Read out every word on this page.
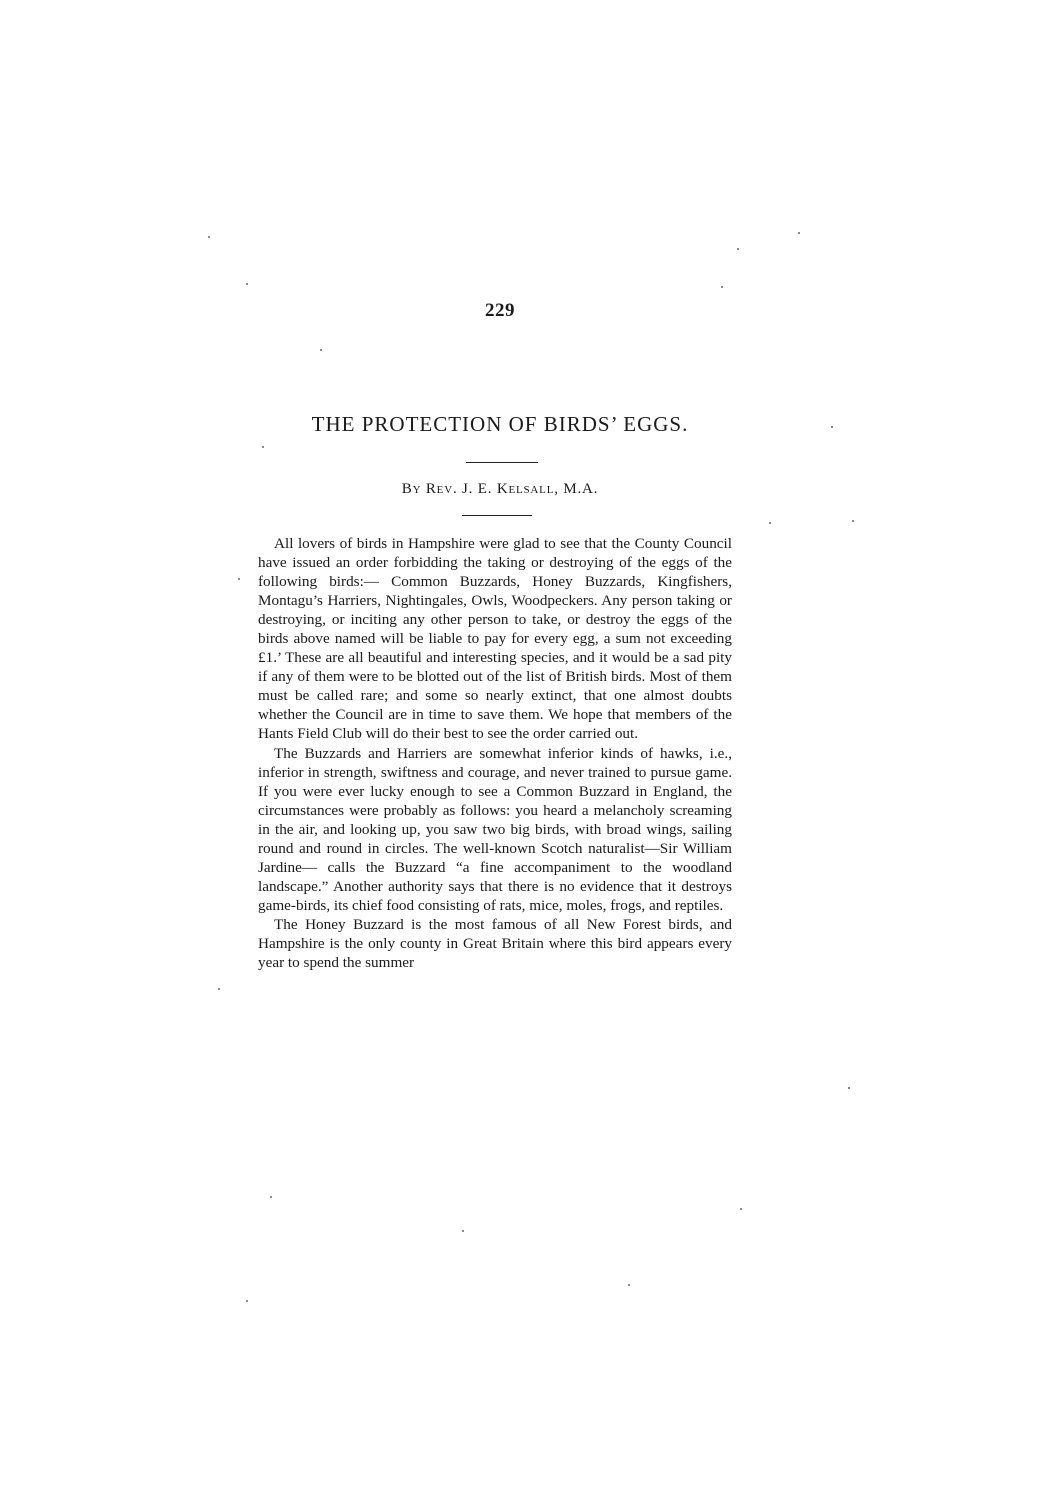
229
THE PROTECTION OF BIRDS’ EGGS.
By Rev. J. E. Kelsall, M.A.

All lovers of birds in Hampshire were glad to see that the County Council have issued an order forbidding the taking or destroying of the eggs of the following birds:— Common Buzzards, Honey Buzzards, Kingfishers, Montagu’s Harriers, Nightingales, Owls, Woodpeckers. Any person taking or destroying, or inciting any other person to take, or destroy the eggs of the birds above named will be liable to pay for every egg, a sum not exceeding £1.’ These are all beautiful and interesting species, and it would be a sad pity if any of them were to be blotted out of the list of British birds. Most of them must be called rare; and some so nearly extinct, that one almost doubts whether the Council are in time to save them. We hope that members of the Hants Field Club will do their best to see the order carried out.

The Buzzards and Harriers are somewhat inferior kinds of hawks, i.e., inferior in strength, swiftness and courage, and never trained to pursue game. If you were ever lucky enough to see a Common Buzzard in England, the circumstances were probably as follows: you heard a melancholy screaming in the air, and looking up, you saw two big birds, with broad wings, sailing round and round in circles. The well-known Scotch naturalist—Sir William Jardine— calls the Buzzard “a fine accompaniment to the woodland landscape.” Another authority says that there is no evidence that it destroys game-birds, its chief food consisting of rats, mice, moles, frogs, and reptiles.

The Honey Buzzard is the most famous of all New Forest birds, and Hampshire is the only county in Great Britain where this bird appears every year to spend the summer
